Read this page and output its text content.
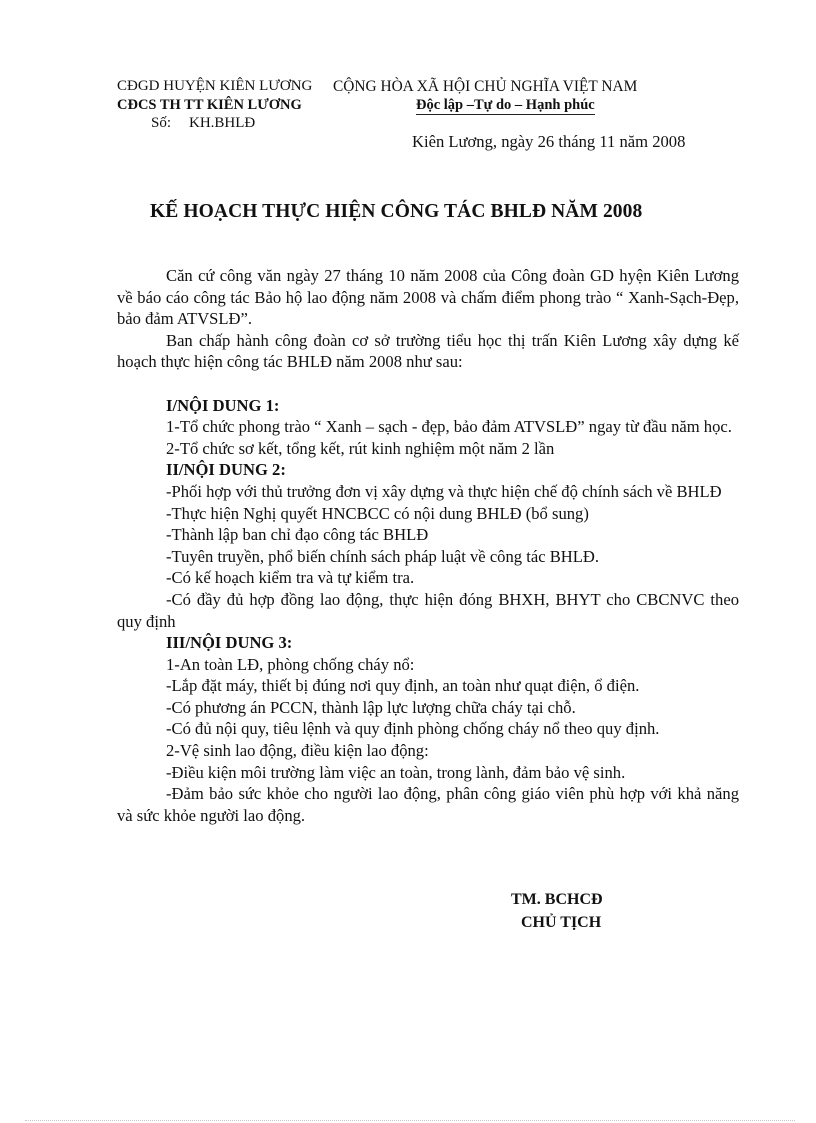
CĐGD HUYỆN KIÊN LƯƠNG
CĐCS TH TT KIÊN LƯƠNG
Số: KH.BHLĐ
CỘNG HÒA XÃ HỘI CHỦ NGHĨA VIỆT NAM
Độc lập –Tự do – Hạnh phúc
Kiên Lương, ngày 26 tháng 11 năm 2008
KẾ HOẠCH THỰC HIỆN CÔNG TÁC BHLĐ NĂM 2008

Căn cứ công văn ngày 27 tháng 10 năm 2008 của Công đoàn GD hyện Kiên Lương về báo cáo công tác Bảo hộ lao động năm 2008 và chấm điểm phong trào “ Xanh-Sạch-Đẹp, bảo đảm ATVSLĐ”.

Ban chấp hành công đoàn cơ sở trường tiểu học thị trấn Kiên Lương xây dựng kế hoạch thực hiện công tác BHLĐ năm 2008 như sau:

I/NỘI DUNG 1:

1-Tổ chức phong trào “ Xanh – sạch - đẹp, bảo đảm ATVSLĐ” ngay từ đầu năm học.

2-Tổ chức sơ kết, tổng kết, rút kinh nghiệm một năm 2 lần

II/NỘI DUNG 2:

-Phối hợp với thủ trưởng đơn vị xây dựng và thực hiện chế độ chính sách về BHLĐ

-Thực hiện Nghị quyết HNCBCC có nội dung BHLĐ (bổ sung)

-Thành lập ban chỉ đạo công tác BHLĐ

-Tuyên truyền, phổ biến chính sách pháp luật về công tác BHLĐ.

-Có kế hoạch kiểm tra và tự kiểm tra.

-Có đầy đủ hợp đồng lao động, thực hiện đóng BHXH, BHYT cho CBCNVC theo quy định

III/NỘI DUNG 3:

1-An toàn LĐ, phòng chống cháy nổ:

-Lắp đặt máy, thiết bị đúng nơi quy định, an toàn như quạt điện, ổ điện.

-Có phương án PCCN, thành lập lực lượng chữa cháy tại chỗ.

-Có đủ nội quy, tiêu lệnh và quy định phòng chống cháy nổ theo quy định.

2-Vệ sinh lao động, điều kiện lao động:

-Điều kiện môi trường làm việc an toàn, trong lành, đảm bảo vệ sinh.

-Đảm bảo sức khỏe cho người lao động, phân công giáo viên phù hợp với khả năng và sức khỏe người lao động.

TM. BCHCĐ
CHỦ TỊCH
